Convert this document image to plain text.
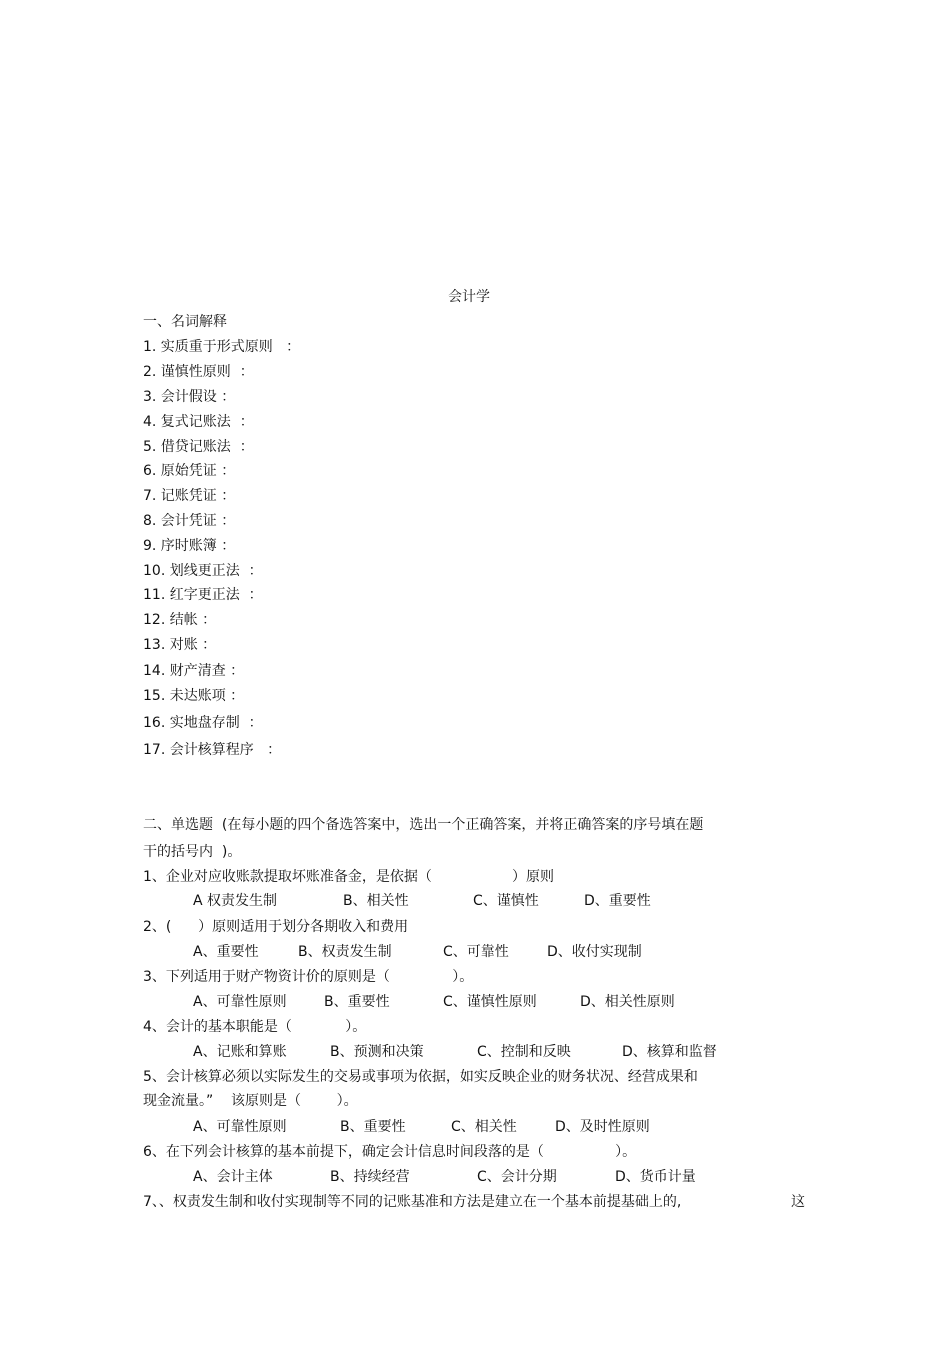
会计学
一、名词解释
1. 实质重于形式原则   ：
2. 谨慎性原则  ：
3. 会计假设 ：
4. 复式记账法  ：
5. 借贷记账法  ：
6. 原始凭证 ：
7. 记账凭证 ：
8. 会计凭证 ：
9. 序时账簿 ：
10. 划线更正法  ：
11. 红字更正法  ：
12. 结帐 ：
13. 对账 ：
14. 财产清查 ：
15. 未达账项 ：
16. 实地盘存制  ：
17. 会计核算程序   ：
二、单选题  (在每小题的四个备选答案中，选出一个正确答案，并将正确答案的序号填在题
干的括号内  )。
1、企业对应收账款提取坏账准备金，是依据（                  ）原则
A 权责发生制	B、相关性	C、谨慎性	D、重要性
2、(      ）原则适用于划分各期收入和费用
A、重要性	B、权责发生制	C、可靠性	D、收付实现制
3、下列适用于财产物资计价的原则是（              ）。
A、可靠性原则	B、重要性	C、谨慎性原则	D、相关性原则
4、会计的基本职能是（            ）。
A、记账和算账	B、预测和决策	C、控制和反映	D、核算和监督
5、会计核算必须以实际发生的交易或事项为依据，如实反映企业的财务状况、经营成果和
现金流量。”    该原则是（        ）。
A、可靠性原则	B、重要性	C、相关性	D、及时性原则
6、在下列会计核算的基本前提下，确定会计信息时间段落的是（                ）。
A、会计主体	B、持续经营	C、会计分期	D、货币计量
7、、权责发生制和收付实现制等不同的记账基准和方法是建立在一个基本前提基础上的,	这
